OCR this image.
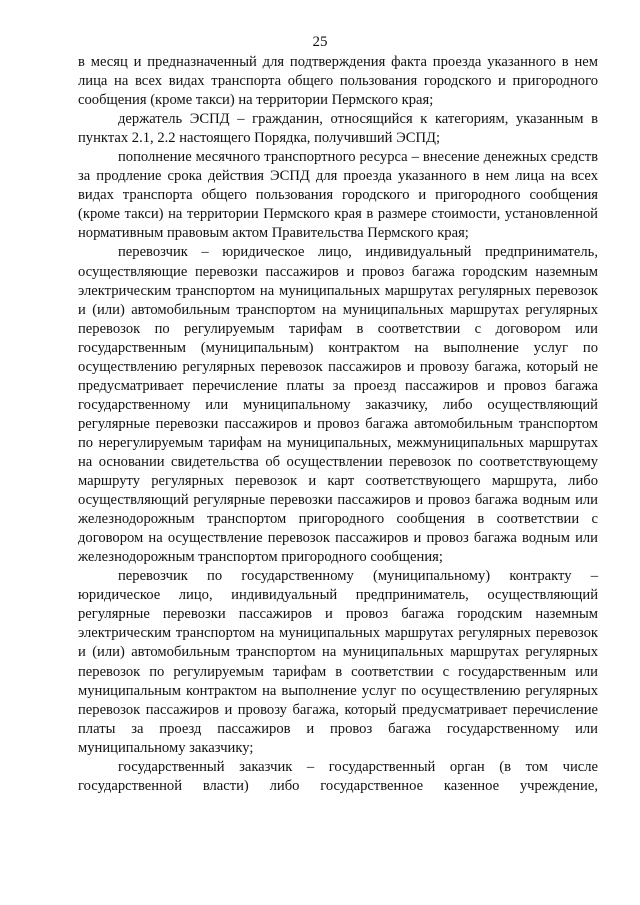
25

в месяц и предназначенный для подтверждения факта проезда указанного в нем лица на всех видах транспорта общего пользования городского и пригородного сообщения (кроме такси) на территории Пермского края;

держатель ЭСПД – гражданин, относящийся к категориям, указанным в пунктах 2.1, 2.2 настоящего Порядка, получивший ЭСПД;

пополнение месячного транспортного ресурса – внесение денежных средств за продление срока действия ЭСПД для проезда указанного в нем лица на всех видах транспорта общего пользования городского и пригородного сообщения (кроме такси) на территории Пермского края в размере стоимости, установленной нормативным правовым актом Правительства Пермского края;

перевозчик – юридическое лицо, индивидуальный предприниматель, осуществляющие перевозки пассажиров и провоз багажа городским наземным электрическим транспортом на муниципальных маршрутах регулярных перевозок и (или) автомобильным транспортом на муниципальных маршрутах регулярных перевозок по регулируемым тарифам в соответствии с договором или государственным (муниципальным) контрактом на выполнение услуг по осуществлению регулярных перевозок пассажиров и провозу багажа, который не предусматривает перечисление платы за проезд пассажиров и провоз багажа государственному или муниципальному заказчику, либо осуществляющий регулярные перевозки пассажиров и провоз багажа автомобильным транспортом по нерегулируемым тарифам на муниципальных, межмуниципальных маршрутах на основании свидетельства об осуществлении перевозок по соответствующему маршруту регулярных перевозок и карт соответствующего маршрута, либо осуществляющий регулярные перевозки пассажиров и провоз багажа водным или железнодорожным транспортом пригородного сообщения в соответствии с договором на осуществление перевозок пассажиров и провоз багажа водным или железнодорожным транспортом пригородного сообщения;

перевозчик по государственному (муниципальному) контракту – юридическое лицо, индивидуальный предприниматель, осуществляющий регулярные перевозки пассажиров и провоз багажа городским наземным электрическим транспортом на муниципальных маршрутах регулярных перевозок и (или) автомобильным транспортом на муниципальных маршрутах регулярных перевозок по регулируемым тарифам в соответствии с государственным или муниципальным контрактом на выполнение услуг по осуществлению регулярных перевозок пассажиров и провозу багажа, который предусматривает перечисление платы за проезд пассажиров и провоз багажа государственному или муниципальному заказчику;

государственный заказчик – государственный орган (в том числе государственной власти) либо государственное казенное учреждение,
